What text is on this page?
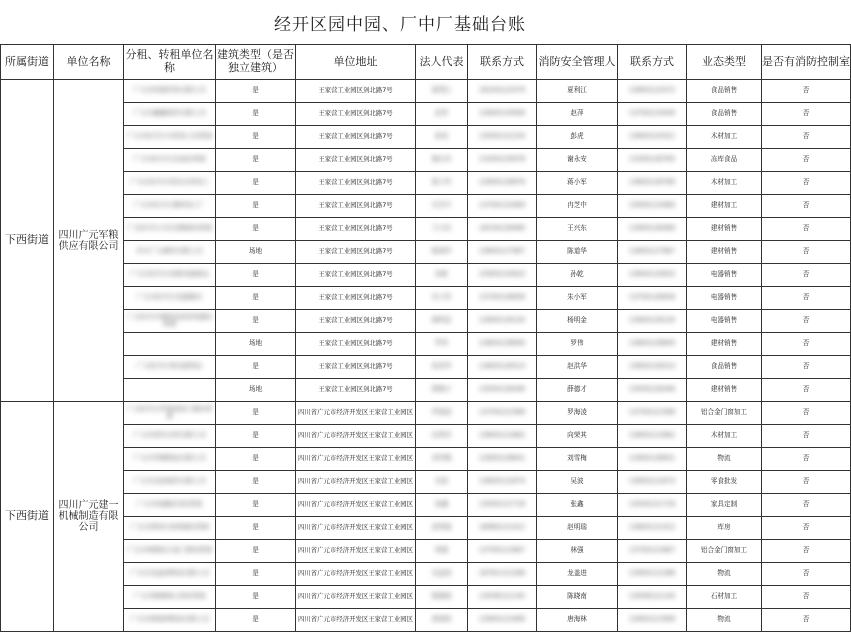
经开区园中园、厂中厂基础台账
所属街道	单位名称	分租、转租单位名称	建筑类型（是否独立建筑）	单位地址	法人代表	联系方式	消防安全管理人	联系方式	业态类型	是否有消防控制室
下西街道	四川广元军粮供应有限公司	广元市恒源贸易有限公司	是	王家营工业园区剑北路7号	夏利江	18100123379	夏利江	13800123372	食品销售	否
		广元市鑫鑫商贸有限公司	是	王家营工业园区剑北路7号	赵萍	13900124569	赵萍	13700123449	食品销售	否
		广元市经开区木材加工经营部	是	王家营工业园区剑北路7号	彭虎	13500121234	彭虎	13600124321	木材加工	否
		广元市经开区冻品经营部	是	王家营工业园区剑北路7号	谢永安	13300125678	谢永安	13300128765	冻库食品	否
		广元市经开区恒达木材加工	是	王家营工业园区剑北路7号	蒋小军	13900129876	蒋小军	13800126789	木材加工	否
		广元市经开区建材加工厂	是	王家营工业园区剑北路7号	冉芝中	13700123469	冉芝中	15900123469	建材加工	否
		广元经开区兴东美陶瓷经营部	是	王家营工业园区剑北路7号	王兴东	18100126489	王兴东	13900126489	建材销售	否
		四川广元建材有限公司	场地	王家营工业园区剑北路7号	陈道华	13800127967	陈道华	13800127967	建材销售	否
		广元市经开区孙乾电器商店	是	王家营工业园区剑北路7号	孙乾	15900125833	孙乾	13600125833	电器销售	否
		广元市经开区电器超市	是	王家营工业园区剑北路7号	朱小军	13700126658	朱小军	13700126658	电器销售	否
		广元经开区杨明金家用电器经营部	是	王家营工业园区剑北路7号	杨明金	13900129130	杨明金	13900129130	电器销售	否
			场地	王家营工业园区剑北路7号	罗伟	13800128694	罗伟	13800128694	建材销售	否
		广元经开区林杰便利店	是	王家营工业园区剑北路7号	赵洪华	13600128313	赵洪华	13600128313	食品销售	否
			场地	王家营工业园区剑北路7号	薛德才	13500128346	薛德才	13500128346	建材销售	否
下西街道	四川广元建一机械制造有限公司	广元经开区罗海凌铝门窗经营部	是	四川省广元市经济开发区王家营工业园区	罗海凌	13700121568	罗海凌	13700121568	铝合金门窗加工	否
		广元市荣其木材有限公司	是	四川省广元市经济开发区王家营工业园区	向荣其	13800121662	向荣其	13800121662	木材加工	否
		广元市雪梅物流有限公司	是	四川省广元市经济开发区王家营工业园区	刘雪梅	13900128641	刘雪梅	13900128641	物流	否
		广元市吴波商贸有限公司	是	四川省广元市经济开发区王家营工业园区	吴波	13600121874	吴波	13600121874	零食批发	否
		广元市张鑫家具经营部	是	四川省广元市经济开发区王家营工业园区	张鑫	13500121718	张鑫	13500121718	家具定制	否
		广元市利州区赵明瑞经营部	是	四川省广元市经济开发区王家营工业园区	赵明瑞	18980121412	赵明瑞	13800121412	库房	否
		广元市林强铝合金门窗经营部	是	四川省广元市经济开发区王家营工业园区	林强	13700121667	林强	13700121667	铝合金门窗加工	否
		广元市龙盖进物流有限公司	是	四川省广元市经济开发区王家营工业园区	龙盖进	18781121288	龙盖进	13900121288	物流	否
		广元市陈晓南石材经营部	是	四川省广元市经济开发区王家营工业园区	陈晓南	13508121140	陈晓南	13508121140	石材加工	否
		广元市唐海林物流有限公司	是	四川省广元市经济开发区王家营工业园区	唐海林	13993121999	唐海林	13993121999	物流	否
